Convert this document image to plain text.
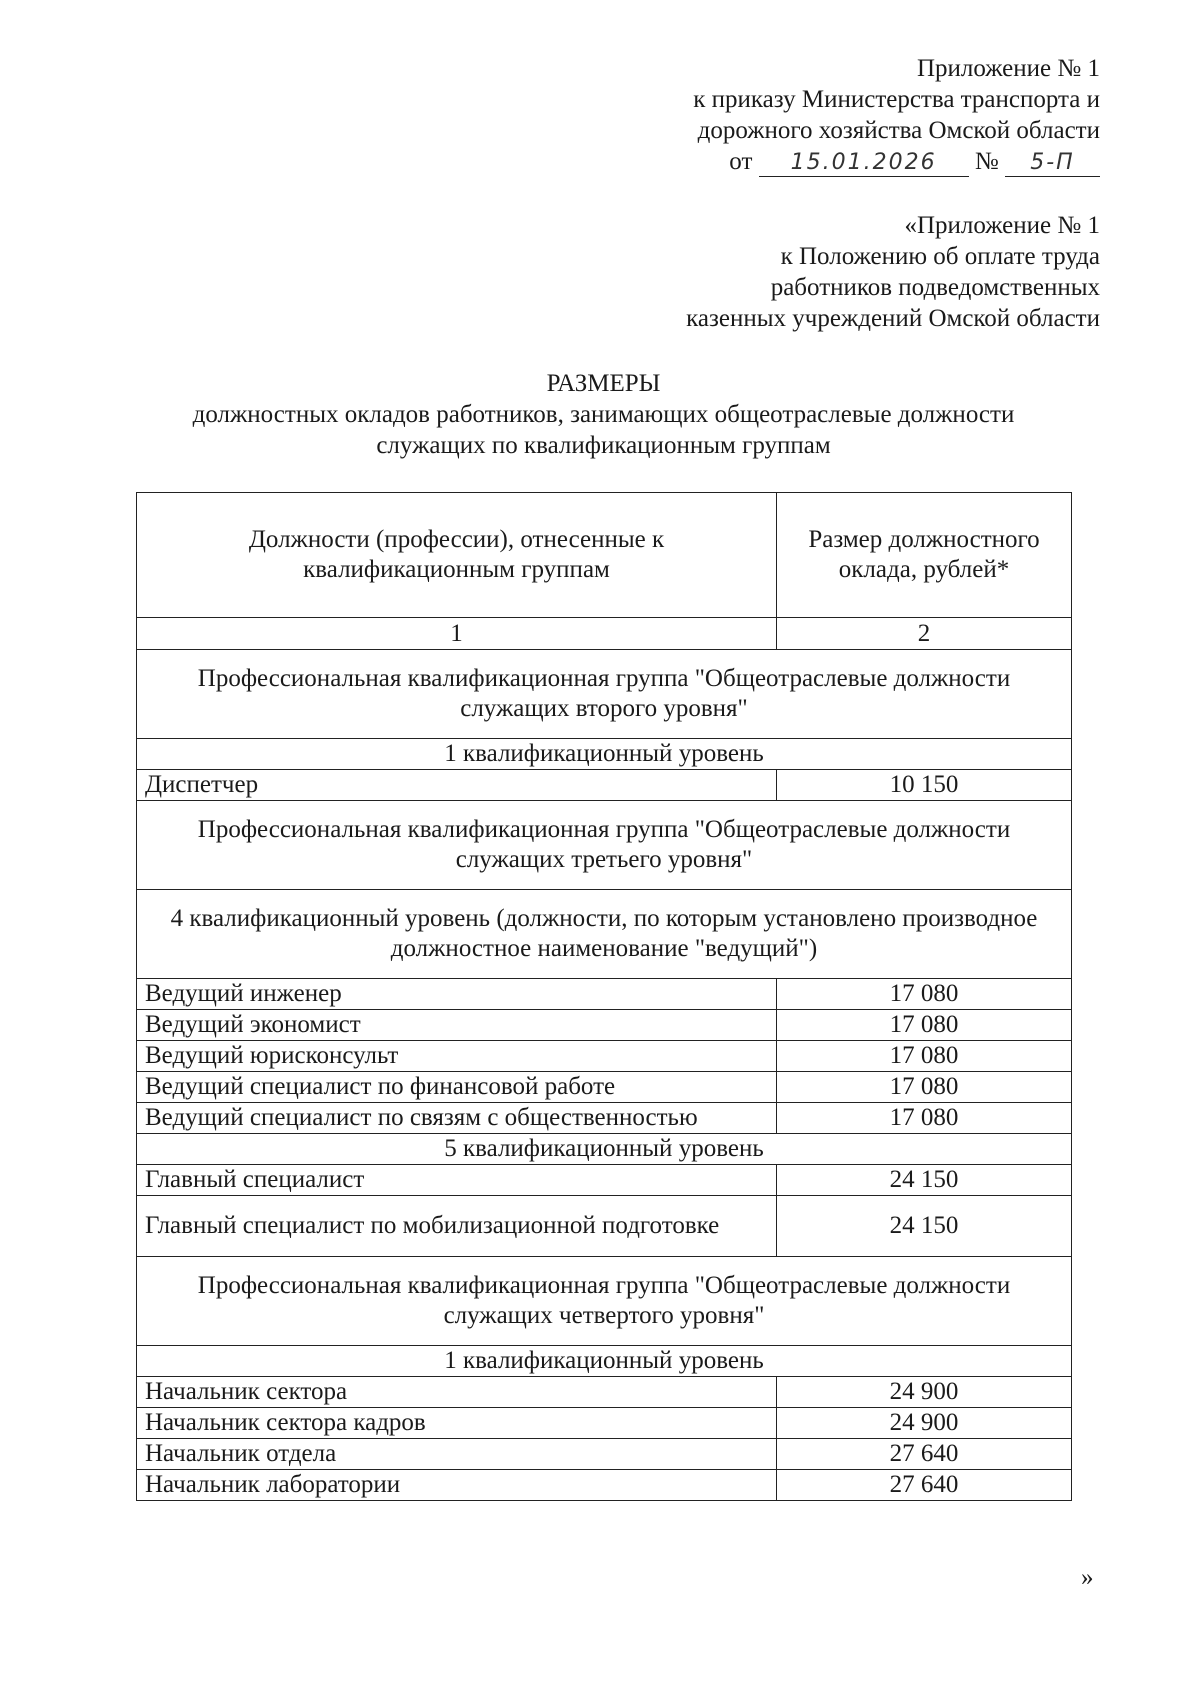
Приложение № 1
к приказу Министерства транспорта и
дорожного хозяйства Омской области
от 15.01.2026 № 5-П
«Приложение № 1
к Положению об оплате труда
работников подведомственных
казенных учреждений Омской области
РАЗМЕРЫ
должностных окладов работников, занимающих общеотраслевые должности
служащих по квалификационным группам
Должности (профессии), отнесенные к квалификационным группам	Размер должностного оклада, рублей*
1	2
Профессиональная квалификационная группа "Общеотраслевые должности служащих второго уровня"	
1 квалификационный уровень	
Диспетчер	10 150
Профессиональная квалификационная группа "Общеотраслевые должности служащих третьего уровня"	
4 квалификационный уровень (должности, по которым установлено производное должностное наименование "ведущий")	
Ведущий инженер	17 080
Ведущий экономист	17 080
Ведущий юрисконсульт	17 080
Ведущий специалист по финансовой работе	17 080
Ведущий специалист по связям с общественностью	17 080
5 квалификационный уровень	
Главный специалист	24 150
Главный специалист по мобилизационной подготовке	24 150
Профессиональная квалификационная группа "Общеотраслевые должности служащих четвертого уровня"	
1 квалификационный уровень	
Начальник сектора	24 900
Начальник сектора кадров	24 900
Начальник отдела	27 640
Начальник лаборатории	27 640
»
